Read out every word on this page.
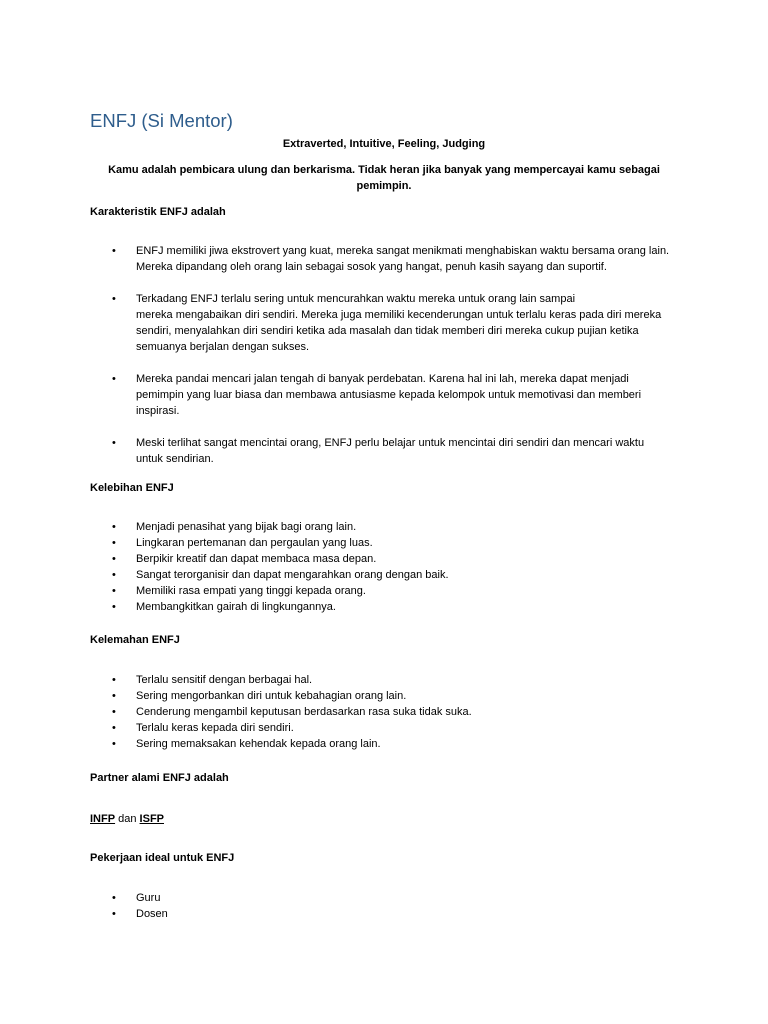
ENFJ (Si Mentor)
Extraverted, Intuitive, Feeling, Judging
Kamu adalah pembicara ulung dan berkarisma. Tidak heran jika banyak yang mempercayai kamu sebagai
pemimpin.
Karakteristik ENFJ adalah
• ENFJ memiliki jiwa ekstrovert yang kuat, mereka sangat menikmati menghabiskan waktu bersama orang lain.
Mereka dipandang oleh orang lain sebagai sosok yang hangat, penuh kasih sayang dan suportif.
• Terkadang ENFJ terlalu sering untuk mencurahkan waktu mereka untuk orang lain sampai
mereka mengabaikan diri sendiri. Mereka juga memiliki kecenderungan untuk terlalu keras pada diri mereka
sendiri, menyalahkan diri sendiri ketika ada masalah dan tidak memberi diri mereka cukup pujian ketika
semuanya berjalan dengan sukses.
• Mereka pandai mencari jalan tengah di banyak perdebatan. Karena hal ini lah, mereka dapat menjadi
pemimpin yang luar biasa dan membawa antusiasme kepada kelompok untuk memotivasi dan memberi
inspirasi.
• Meski terlihat sangat mencintai orang, ENFJ perlu belajar untuk mencintai diri sendiri dan mencari waktu
untuk sendirian.
Kelebihan ENFJ
• Menjadi penasihat yang bijak bagi orang lain.
• Lingkaran pertemanan dan pergaulan yang luas.
• Berpikir kreatif dan dapat membaca masa depan.
• Sangat terorganisir dan dapat mengarahkan orang dengan baik.
• Memiliki rasa empati yang tinggi kepada orang.
• Membangkitkan gairah di lingkungannya.
Kelemahan ENFJ
• Terlalu sensitif dengan berbagai hal.
• Sering mengorbankan diri untuk kebahagian orang lain.
• Cenderung mengambil keputusan berdasarkan rasa suka tidak suka.
• Terlalu keras kepada diri sendiri.
• Sering memaksakan kehendak kepada orang lain.
Partner alami ENFJ adalah
INFP dan ISFP
Pekerjaan ideal untuk ENFJ
• Guru
• Dosen
